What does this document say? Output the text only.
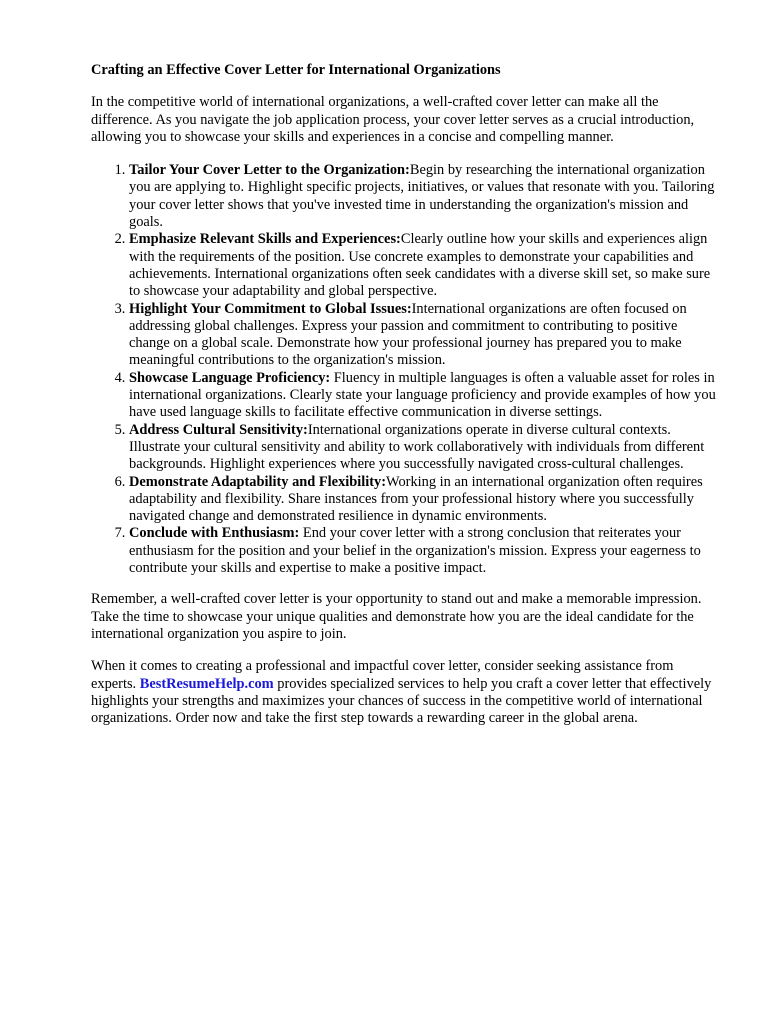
Crafting an Effective Cover Letter for International Organizations

In the competitive world of international organizations, a well-crafted cover letter can make all the difference. As you navigate the job application process, your cover letter serves as a crucial introduction, allowing you to showcase your skills and experiences in a concise and compelling manner.

1. Tailor Your Cover Letter to the Organization:Begin by researching the international organization you are applying to. Highlight specific projects, initiatives, or values that resonate with you. Tailoring your cover letter shows that you've invested time in understanding the organization's mission and goals.
2. Emphasize Relevant Skills and Experiences:Clearly outline how your skills and experiences align with the requirements of the position. Use concrete examples to demonstrate your capabilities and achievements. International organizations often seek candidates with a diverse skill set, so make sure to showcase your adaptability and global perspective.
3. Highlight Your Commitment to Global Issues:International organizations are often focused on addressing global challenges. Express your passion and commitment to contributing to positive change on a global scale. Demonstrate how your professional journey has prepared you to make meaningful contributions to the organization's mission.
4. Showcase Language Proficiency: Fluency in multiple languages is often a valuable asset for roles in international organizations. Clearly state your language proficiency and provide examples of how you have used language skills to facilitate effective communication in diverse settings.
5. Address Cultural Sensitivity:International organizations operate in diverse cultural contexts. Illustrate your cultural sensitivity and ability to work collaboratively with individuals from different backgrounds. Highlight experiences where you successfully navigated cross-cultural challenges.
6. Demonstrate Adaptability and Flexibility:Working in an international organization often requires adaptability and flexibility. Share instances from your professional history where you successfully navigated change and demonstrated resilience in dynamic environments.
7. Conclude with Enthusiasm: End your cover letter with a strong conclusion that reiterates your enthusiasm for the position and your belief in the organization's mission. Express your eagerness to contribute your skills and expertise to make a positive impact.

Remember, a well-crafted cover letter is your opportunity to stand out and make a memorable impression. Take the time to showcase your unique qualities and demonstrate how you are the ideal candidate for the international organization you aspire to join.

When it comes to creating a professional and impactful cover letter, consider seeking assistance from experts. BestResumeHelp.com provides specialized services to help you craft a cover letter that effectively highlights your strengths and maximizes your chances of success in the competitive world of international organizations. Order now and take the first step towards a rewarding career in the global arena.
